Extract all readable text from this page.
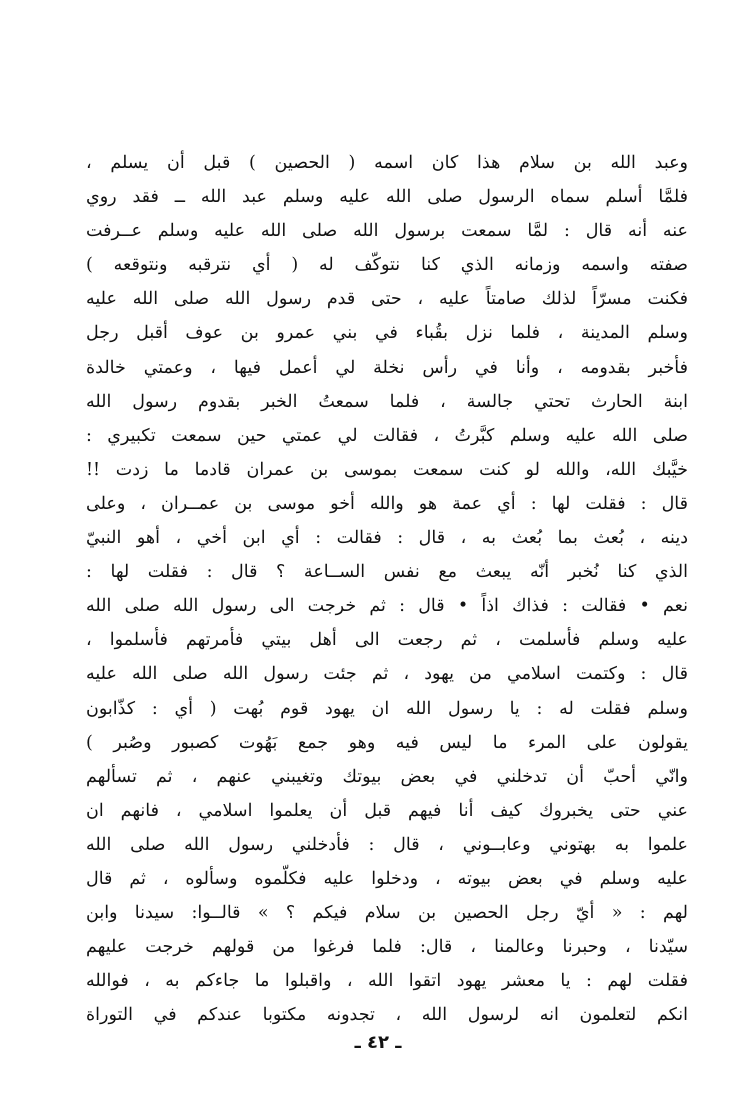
وعبد الله بن سلام هذا كان اسمه ( الحصين ) قبل أن يسلم ،
فلمَّا أسلم سماه الرسول صلى الله عليه وسلم عبد الله ــ فقد روي
عنه أنه قال : لمَّا سمعت برسول الله صلى الله عليه وسلم عــرفت
صفته واسمه وزمانه الذي كنا نتوكّف له ( أي نترقبه ونتوقعه )
فكنت مسرّاً لذلك صامتاً عليه ، حتى قدم رسول الله صلى الله عليه
وسلم المدينة ، فلما نزل بقُباء في بني عمرو بن عوف أقبل رجل
فأخبر بقدومه ، وأنا في رأس نخلة لي أعمل فيها ، وعمتي خالدة
ابنة الحارث تحتي جالسة ، فلما سمعتُ الخبر بقدوم رسول الله
صلى الله عليه وسلم كبَّرتُ ، فقالت لي عمتي حين سمعت تكبيري :
خيَّبك الله، والله لو كنت سمعت بموسى بن عمران قادما ما زدت !!
قال : فقلت لها : أي عمة هو والله أخو موسى بن عمــران ، وعلى
دينه ، بُعث بما بُعث به ، قال : فقالت : أي ابن أخي ، أهو النبيّ
الذي كنا نُخبر أنّه يبعث مع نفس الســاعة ؟ قال : فقلت لها :
نعم • فقالت : فذاك اذاً • قال : ثم خرجت الى رسول الله صلى الله
عليه وسلم فأسلمت ، ثم رجعت الى أهل بيتي فأمرتهم فأسلموا ،
قال : وكتمت اسلامي من يهود ، ثم جئت رسول الله صلى الله عليه
وسلم فقلت له : يا رسول الله ان يهود قوم بُهت ( أي : كذّابون
يقولون على المرء ما ليس فيه وهو جمع بَهُوت كصبور وصُبر )
وانّي أحبّ أن تدخلني في بعض بيوتك وتغيبني عنهم ، ثم تسألهم
عني حتى يخبروك كيف أنا فيهم قبل أن يعلموا اسلامي ، فانهم ان
علموا به بهتوني وعابــوني ، قال : فأدخلني رسول الله صلى الله
عليه وسلم في بعض بيوته ، ودخلوا عليه فكلّموه وسألوه ، ثم قال
لهم : « أيّ رجل الحصين بن سلام فيكم ؟ » قالــوا: سيدنا وابن
سيّدنا ، وحبرنا وعالمنا ، قال: فلما فرغوا من قولهم خرجت عليهم
فقلت لهم : يا معشر يهود اتقوا الله ، واقبلوا ما جاءكم به ، فوالله
انكم لتعلمون انه لرسول الله ، تجدونه مكتوبا عندكم في التوراة
ـ ٤٢ ـ
